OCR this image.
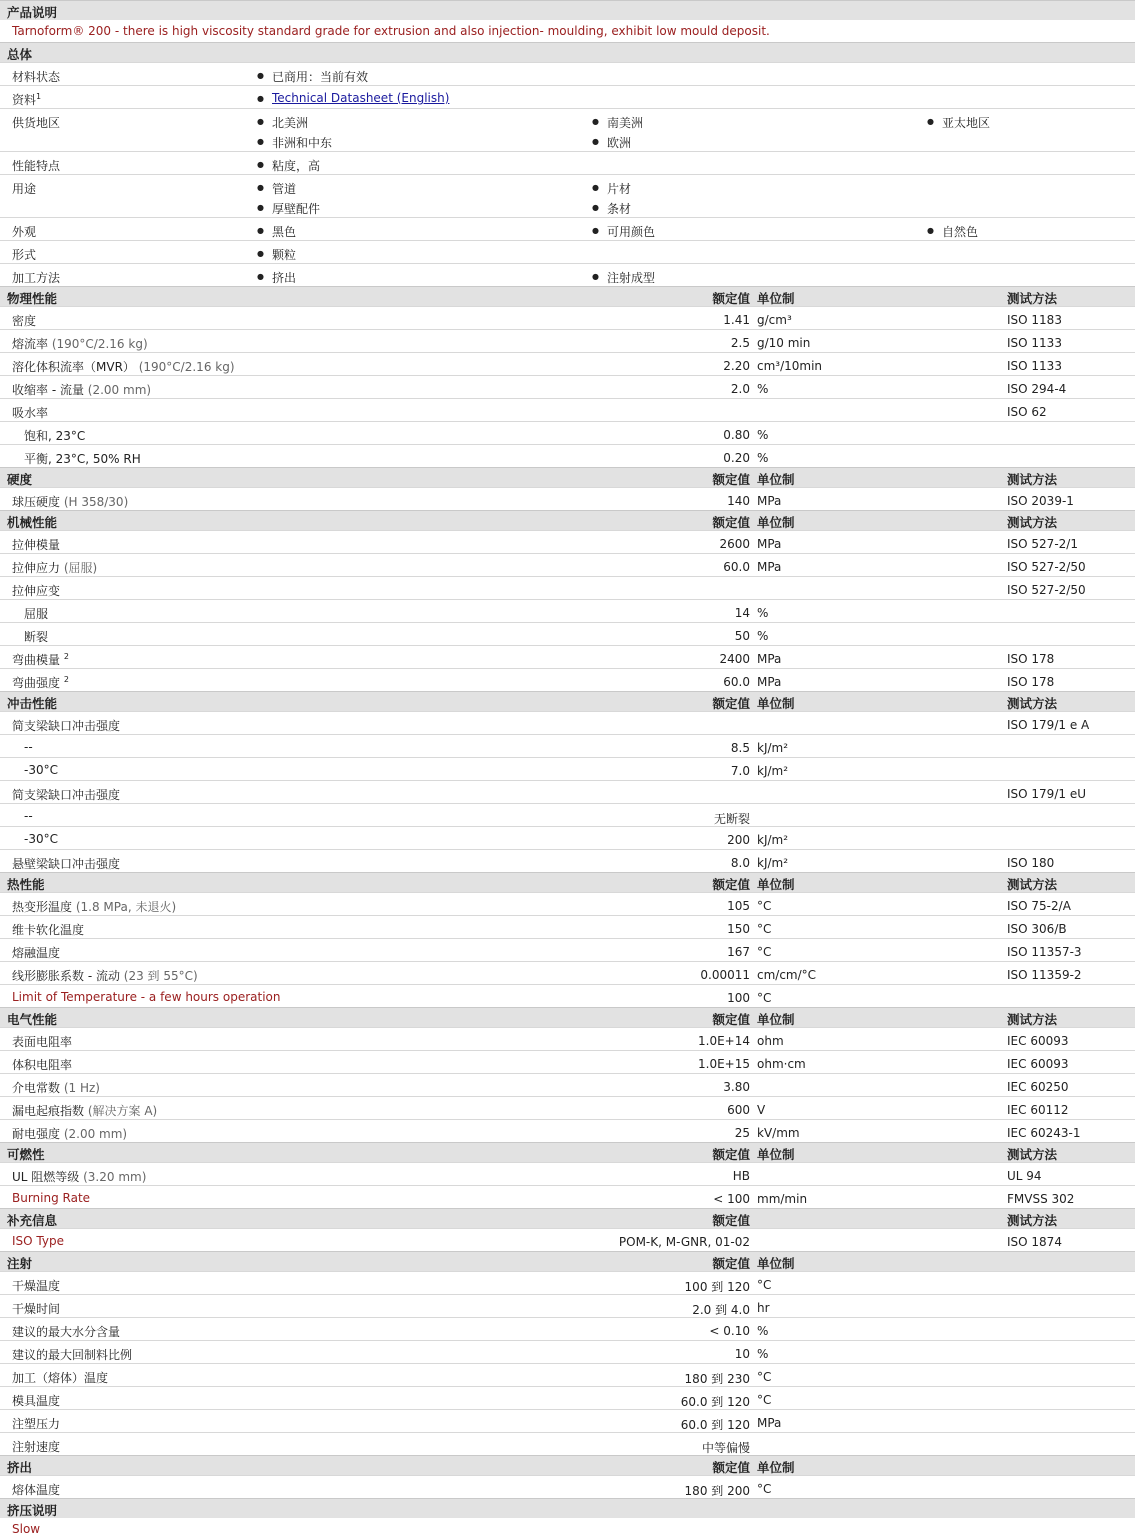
产品说明
Tarnoform® 200 - there is high viscosity standard grade for extrusion and also injection- moulding, exhibit low mould deposit.
总体
材料状态	● 已商用：当前有效
资料$^1$	● Technical Datasheet (English)
供货地区	● 北美洲	● 南美洲	● 亚太地区
● 非洲和中东	● 欧洲
性能特点	● 粘度，高
用途	● 管道	● 片材
● 厚壁配件	● 条材
外观	● 黑色	● 可用颜色	● 自然色
形式	● 颗粒
加工方法	● 挤出	● 注射成型
物理性能	额定值 单位制	测试方法
密度	1.41 g/cm³	ISO 1183
熔流率 (190°C/2.16 kg)	2.5 g/10 min	ISO 1133
溶化体积流率（MVR） (190°C/2.16 kg)	2.20 cm³/10min	ISO 1133
收缩率 - 流量 (2.00 mm)	2.0 %	ISO 294-4
吸水率	ISO 62
饱和, 23°C	0.80 %
平衡, 23°C, 50% RH	0.20 %
硬度	额定值 单位制	测试方法
球压硬度 (H 358/30)	140 MPa	ISO 2039-1
机械性能	额定值 单位制	测试方法
拉伸模量	2600 MPa	ISO 527-2/1
拉伸应力 (屈服)	60.0 MPa	ISO 527-2/50
拉伸应变	ISO 527-2/50
屈服	14 %
断裂	50 %
弯曲模量 $^2$	2400 MPa	ISO 178
弯曲强度 $^2$	60.0 MPa	ISO 178
冲击性能	额定值 单位制	测试方法
简支梁缺口冲击强度	ISO 179/1 e A
--	8.5 kJ/m²
-30°C	7.0 kJ/m²
简支梁缺口冲击强度	ISO 179/1 eU
--	无断裂
-30°C	200 kJ/m²
悬壁梁缺口冲击强度	8.0 kJ/m²	ISO 180
热性能	额定值 单位制	测试方法
热变形温度 (1.8 MPa, 未退火)	105 °C	ISO 75-2/A
维卡软化温度	150 °C	ISO 306/B
熔融温度	167 °C	ISO 11357-3
线形膨胀系数 - 流动 (23 到 55°C)	0.00011 cm/cm/°C	ISO 11359-2
Limit of Temperature - a few hours operation	100 °C
电气性能	额定值 单位制	测试方法
表面电阻率	1.0E+14 ohm	IEC 60093
体积电阻率	1.0E+15 ohm·cm	IEC 60093
介电常数 (1 Hz)	3.80	IEC 60250
漏电起痕指数 (解决方案 A)	600 V	IEC 60112
耐电强度 (2.00 mm)	25 kV/mm	IEC 60243-1
可燃性	额定值 单位制	测试方法
UL 阻燃等级 (3.20 mm)	HB	UL 94
Burning Rate	< 100 mm/min	FMVSS 302
补充信息	额定值	测试方法
ISO Type	POM-K, M-GNR, 01-02	ISO 1874
注射	额定值 单位制
干燥温度	100 到 120 °C
干燥时间	2.0 到 4.0 hr
建议的最大水分含量	< 0.10 %
建议的最大回制料比例	10 %
加工（熔体）温度	180 到 230 °C
模具温度	60.0 到 120 °C
注塑压力	60.0 到 120 MPa
注射速度	中等偏慢
挤出	额定值 单位制
熔体温度	180 到 200 °C
挤压说明
Slow
